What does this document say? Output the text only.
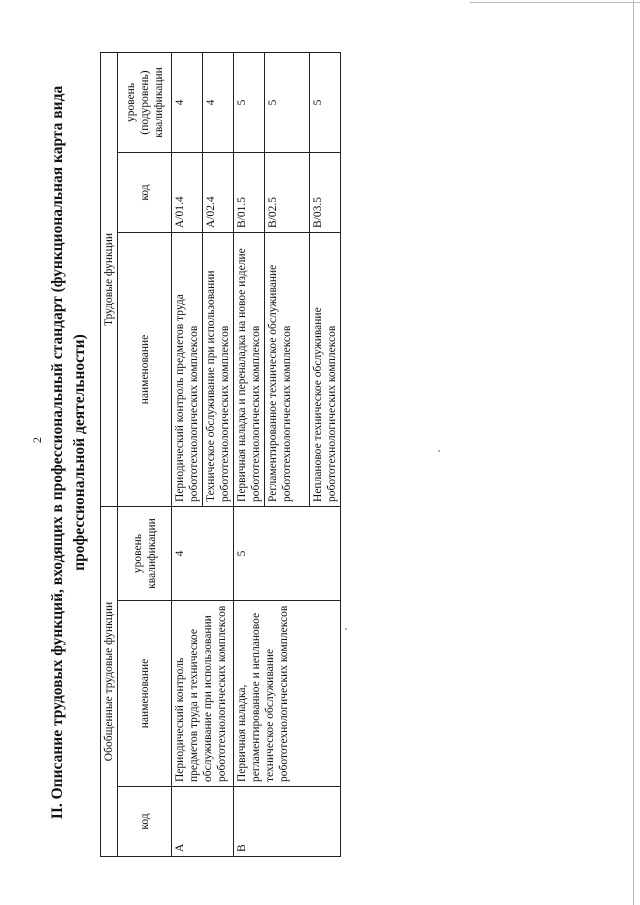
2 II. Описание трудовых функций, входящих в профессиональный стандарт (функциональная карта вида профессиональной деятельности)
Обобщенные трудовые функции			Трудовые функции		
код	наименование	уровень квалификации	наименование	код	уровень (подуровень) квалификации
A	Периодический контроль предметов труда и техническое обслуживание при использовании робототехнологических комплексов	4	Периодический контроль предметов труда робототехнологических комплексов	A/01.4	4
			Техническое обслуживание при использовании робототехнологических комплексов	A/02.4	4
B	Первичная наладка, регламентированное и неплановое техническое обслуживание робототехнологических комплексов	5	Первичная наладка и переналадка на новое изделие робототехнологических комплексов	B/01.5	5
			Регламентированное техническое обслуживание робототехнологических комплексов	B/02.5	5
			Неплановое техническое обслуживание робототехнологических комплексов	B/03.5	5
